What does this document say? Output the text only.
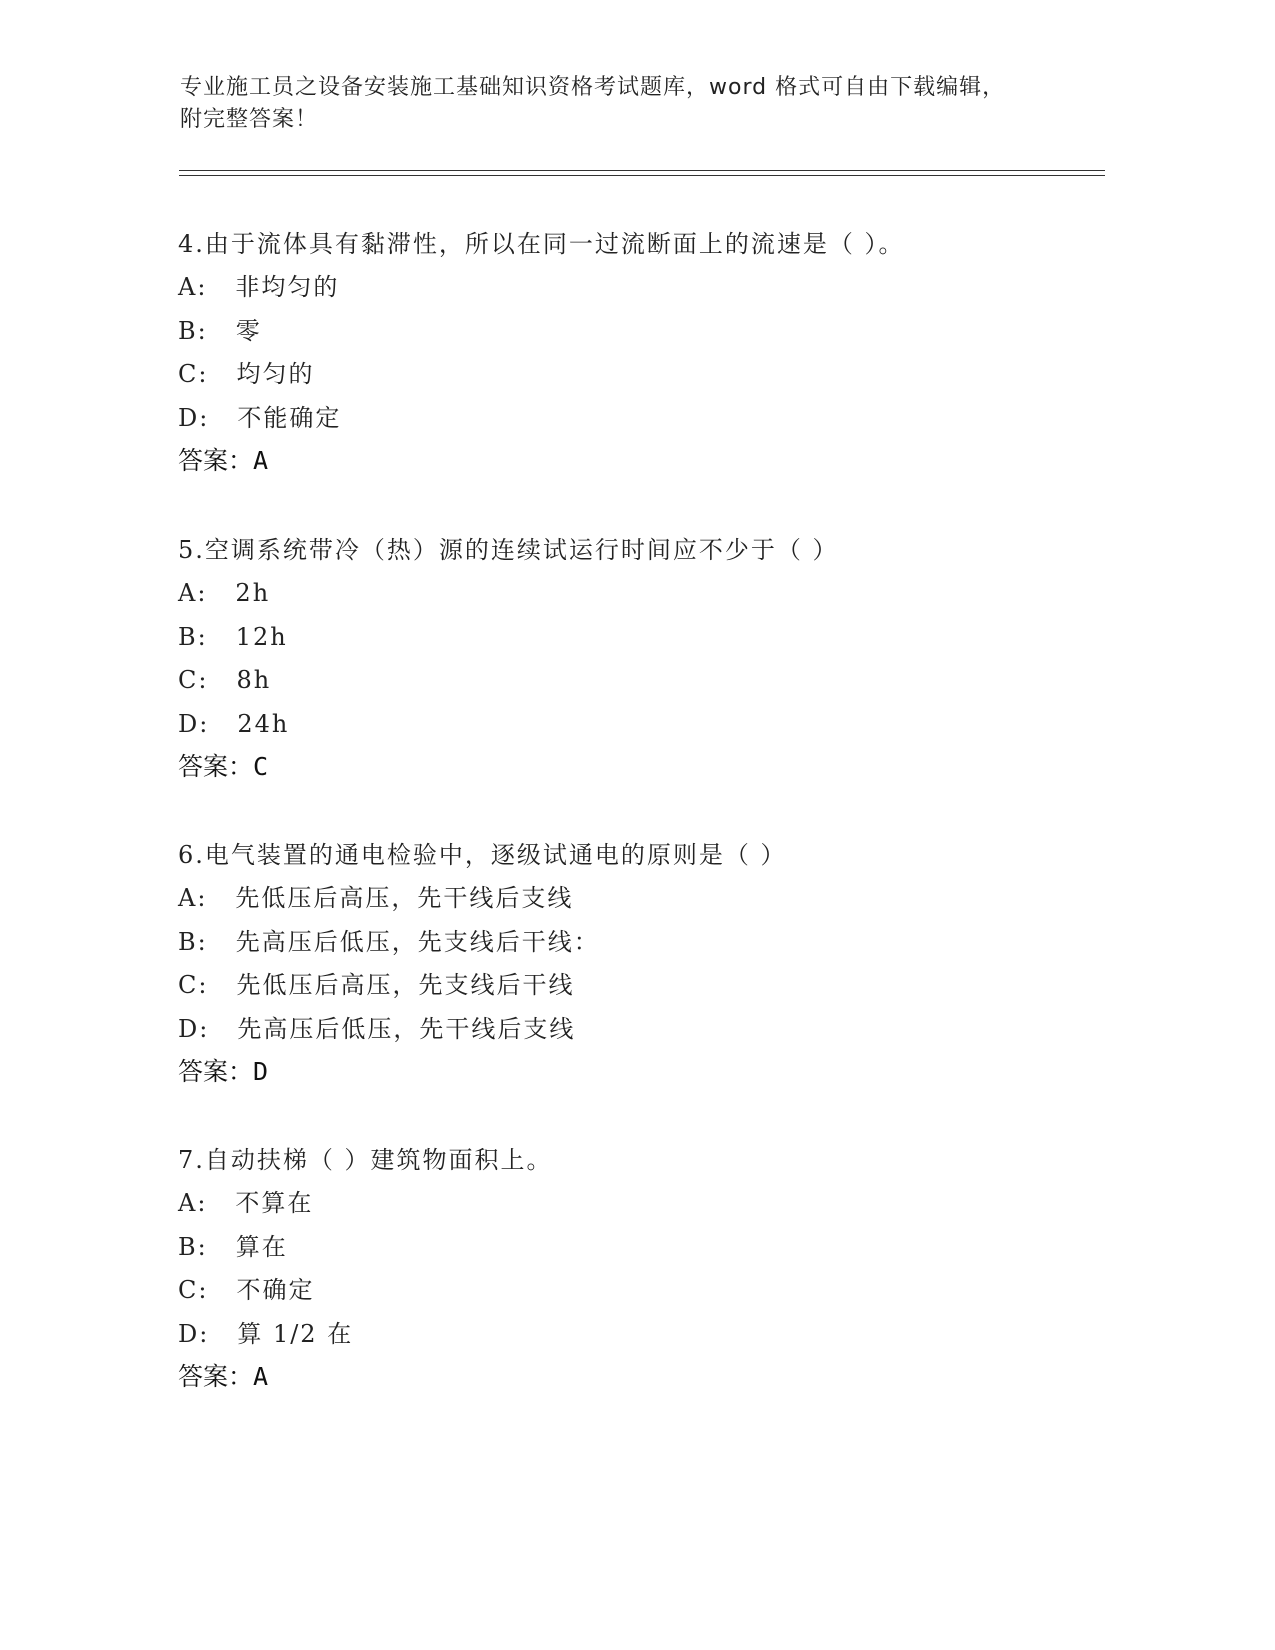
专业施工员之设备安装施工基础知识资格考试题库，word 格式可自由下载编辑，
附完整答案！
4.由于流体具有黏滞性，所以在同一过流断面上的流速是（ ）。
A: 非均匀的
B: 零
C: 均匀的
D: 不能确定
答案：A
5.空调系统带冷（热）源的连续试运行时间应不少于（ ）
A: 2h
B: 12h
C: 8h
D: 24h
答案：C
6.电气装置的通电检验中，逐级试通电的原则是（ ）
A: 先低压后高压，先干线后支线
B: 先高压后低压，先支线后干线：
C: 先低压后高压，先支线后干线
D: 先高压后低压，先干线后支线
答案：D
7.自动扶梯（ ）建筑物面积上。
A: 不算在
B: 算在
C: 不确定
D: 算 1/2 在
答案：A
